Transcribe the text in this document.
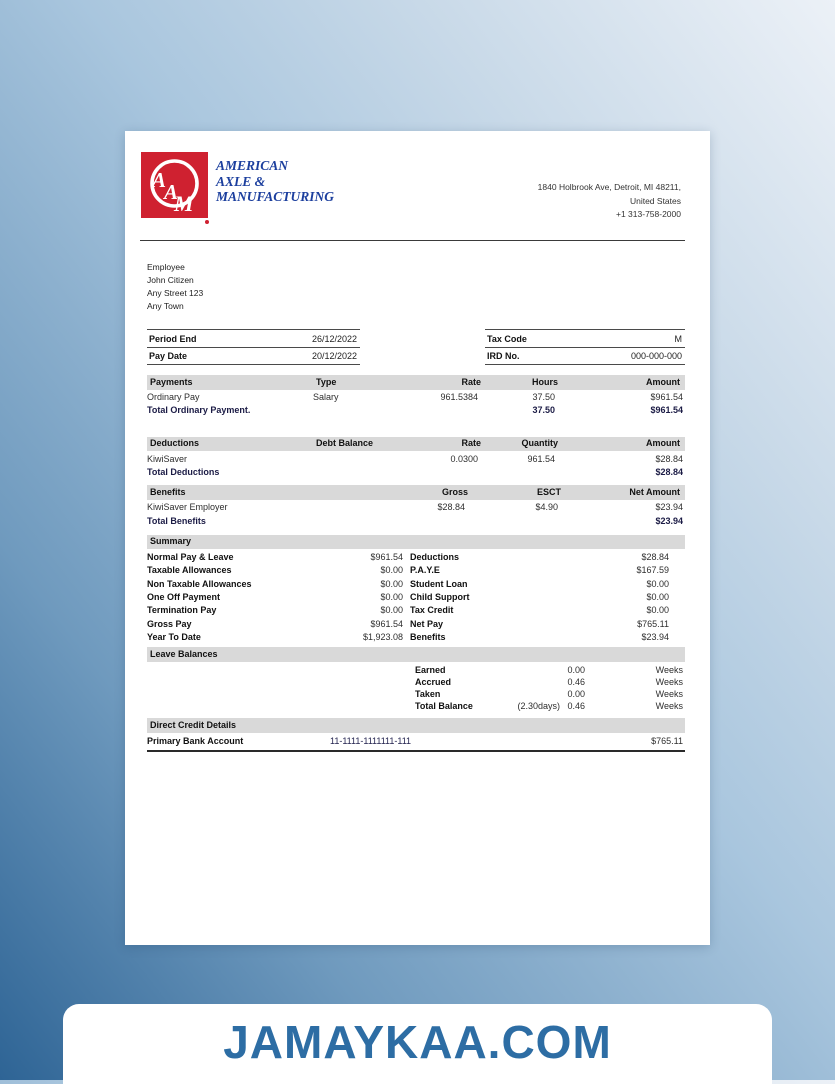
A
A
M
AMERICAN
AXLE &
MANUFACTURING
1840 Holbrook Ave, Detroit, MI 48211,
United States
+1 313-758-2000
Employee
John Citizen
Any Street 123
Any Town
Period End	26/12/2022
Pay Date	20/12/2022
Tax Code	M
IRD No.	000-000-000
Payments	Type	Rate	Hours	Amount
Ordinary Pay	Salary	961.5384	37.50	$961.54
Total Ordinary Payment.	37.50	$961.54
Deductions	Debt Balance	Rate	Quantity	Amount
KiwiSaver	0.0300	961.54	$28.84
Total Deductions	$28.84
Benefits	Gross	ESCT	Net Amount
KiwiSaver Employer	$28.84	$4.90	$23.94
Total Benefits	$23.94
Summary
Normal Pay & Leave	$961.54 Deductions	$28.84
Taxable Allowances	$0.00 P.A.Y.E	$167.59
Non Taxable Allowances	$0.00 Student Loan	$0.00
One Off Payment	$0.00 Child Support	$0.00
Termination Pay	$0.00 Tax Credit	$0.00
Gross Pay	$961.54 Net Pay	$765.11
Year To Date	$1,923.08 Benefits	$23.94
Leave Balances
Earned	0.00	Weeks
Accrued	0.46	Weeks
Taken	0.00	Weeks
Total Balance	(2.30days) 0.46	Weeks
Direct Credit Details
Primary Bank Account	11-1111-1111111-111	$765.11
JAMAYKAA.COM
